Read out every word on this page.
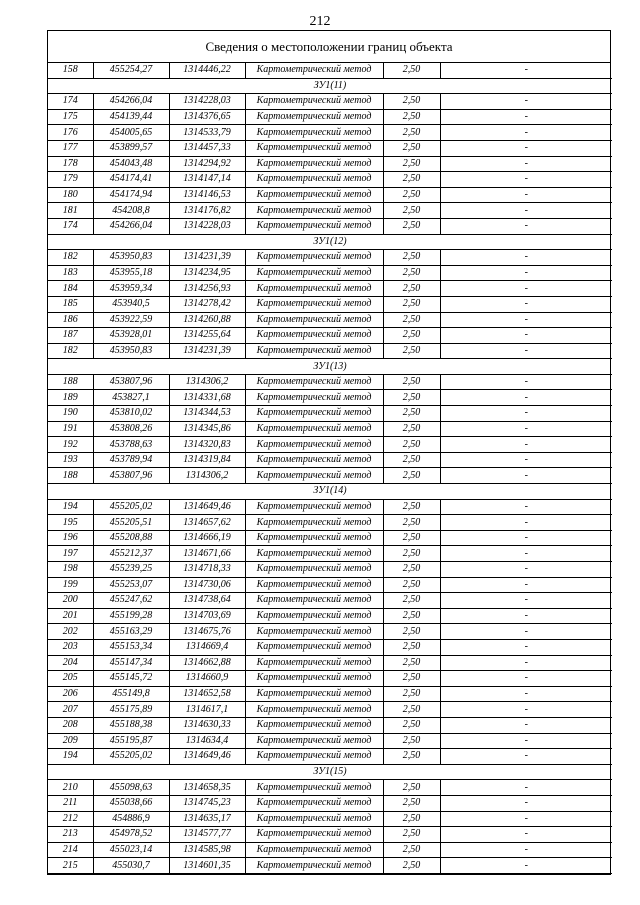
212
Сведения о местоположении границ объекта
158	455254,27	1314446,22	Картометрический метод	2,50	-
ЗУ1(11)					
174	454266,04	1314228,03	Картометрический метод	2,50	-
175	454139,44	1314376,65	Картометрический метод	2,50	-
176	454005,65	1314533,79	Картометрический метод	2,50	-
177	453899,57	1314457,33	Картометрический метод	2,50	-
178	454043,48	1314294,92	Картометрический метод	2,50	-
179	454174,41	1314147,14	Картометрический метод	2,50	-
180	454174,94	1314146,53	Картометрический метод	2,50	-
181	454208,8	1314176,82	Картометрический метод	2,50	-
174	454266,04	1314228,03	Картометрический метод	2,50	-
ЗУ1(12)					
182	453950,83	1314231,39	Картометрический метод	2,50	-
183	453955,18	1314234,95	Картометрический метод	2,50	-
184	453959,34	1314256,93	Картометрический метод	2,50	-
185	453940,5	1314278,42	Картометрический метод	2,50	-
186	453922,59	1314260,88	Картометрический метод	2,50	-
187	453928,01	1314255,64	Картометрический метод	2,50	-
182	453950,83	1314231,39	Картометрический метод	2,50	-
ЗУ1(13)					
188	453807,96	1314306,2	Картометрический метод	2,50	-
189	453827,1	1314331,68	Картометрический метод	2,50	-
190	453810,02	1314344,53	Картометрический метод	2,50	-
191	453808,26	1314345,86	Картометрический метод	2,50	-
192	453788,63	1314320,83	Картометрический метод	2,50	-
193	453789,94	1314319,84	Картометрический метод	2,50	-
188	453807,96	1314306,2	Картометрический метод	2,50	-
ЗУ1(14)					
194	455205,02	1314649,46	Картометрический метод	2,50	-
195	455205,51	1314657,62	Картометрический метод	2,50	-
196	455208,88	1314666,19	Картометрический метод	2,50	-
197	455212,37	1314671,66	Картометрический метод	2,50	-
198	455239,25	1314718,33	Картометрический метод	2,50	-
199	455253,07	1314730,06	Картометрический метод	2,50	-
200	455247,62	1314738,64	Картометрический метод	2,50	-
201	455199,28	1314703,69	Картометрический метод	2,50	-
202	455163,29	1314675,76	Картометрический метод	2,50	-
203	455153,34	1314669,4	Картометрический метод	2,50	-
204	455147,34	1314662,88	Картометрический метод	2,50	-
205	455145,72	1314660,9	Картометрический метод	2,50	-
206	455149,8	1314652,58	Картометрический метод	2,50	-
207	455175,89	1314617,1	Картометрический метод	2,50	-
208	455188,38	1314630,33	Картометрический метод	2,50	-
209	455195,87	1314634,4	Картометрический метод	2,50	-
194	455205,02	1314649,46	Картометрический метод	2,50	-
ЗУ1(15)					
210	455098,63	1314658,35	Картометрический метод	2,50	-
211	455038,66	1314745,23	Картометрический метод	2,50	-
212	454886,9	1314635,17	Картометрический метод	2,50	-
213	454978,52	1314577,77	Картометрический метод	2,50	-
214	455023,14	1314585,98	Картометрический метод	2,50	-
215	455030,7	1314601,35	Картометрический метод	2,50	-
